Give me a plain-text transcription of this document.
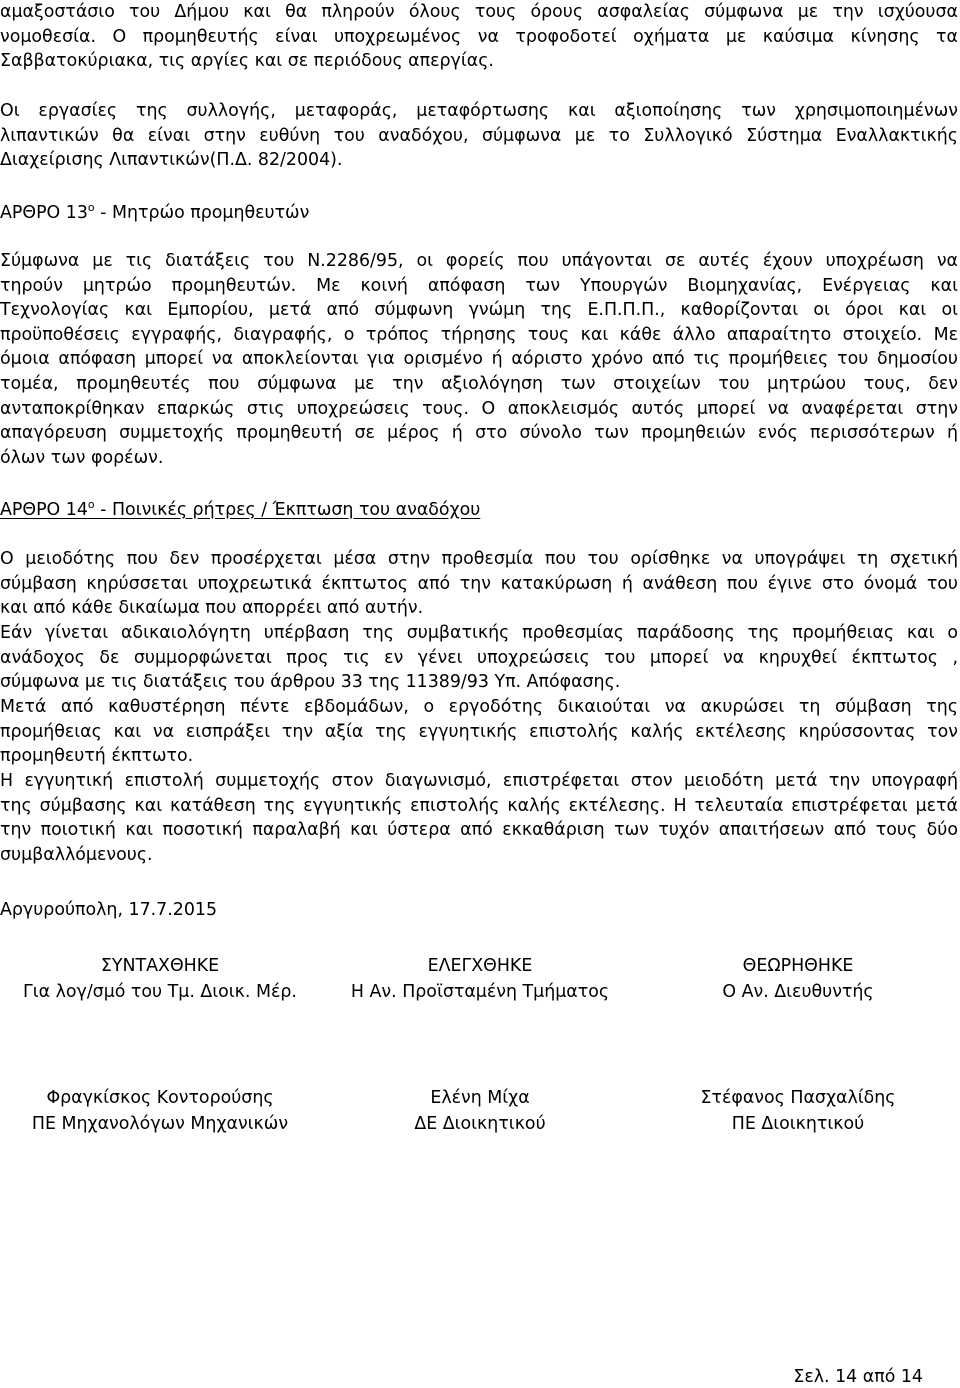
αμαξοστάσιο του Δήμου και θα πληρούν όλους τους όρους ασφαλείας σύμφωνα με την ισχύουσα
νομοθεσία. Ο προμηθευτής είναι υποχρεωμένος να τροφοδοτεί οχήματα με καύσιμα κίνησης τα
Σαββατοκύριακα, τις αργίες και σε περιόδους απεργίας.
Οι εργασίες της συλλογής, μεταφοράς, μεταφόρτωσης και αξιοποίησης των χρησιμοποιημένων
λιπαντικών θα είναι στην ευθύνη του αναδόχου, σύμφωνα με το Συλλογικό Σύστημα Εναλλακτικής
Διαχείρισης Λιπαντικών(Π.Δ. 82/2004).
ΑΡΘΡΟ $13^o$ - Μητρώο προμηθευτών
Σύμφωνα με τις διατάξεις του Ν.2286/95, οι φορείς που υπάγονται σε αυτές έχουν υποχρέωση να
τηρούν μητρώο προμηθευτών. Με κοινή απόφαση των Υπουργών Βιομηχανίας, Ενέργειας και
Τεχνολογίας και Εμπορίου, μετά από σύμφωνη γνώμη της Ε.Π.Π.Π., καθορίζονται οι όροι και οι
προϋποθέσεις εγγραφής, διαγραφής, ο τρόπος τήρησης τους και κάθε άλλο απαραίτητο στοιχείο. Με
όμοια απόφαση μπορεί να αποκλείονται για ορισμένο ή αόριστο χρόνο από τις προμήθειες του δημοσίου
τομέα, προμηθευτές που σύμφωνα με την αξιολόγηση των στοιχείων του μητρώου τους, δεν
ανταποκρίθηκαν επαρκώς στις υποχρεώσεις τους. Ο αποκλεισμός αυτός μπορεί να αναφέρεται στην
απαγόρευση συμμετοχής προμηθευτή σε μέρος ή στο σύνολο των προμηθειών ενός περισσότερων ή
όλων των φορέων.
ΑΡΘΡΟ $14^o$ - Ποινικές ρήτρες / Έκπτωση του αναδόχου
Ο μειοδότης που δεν προσέρχεται μέσα στην προθεσμία που του ορίσθηκε να υπογράψει τη σχετική
σύμβαση κηρύσσεται υποχρεωτικά έκπτωτος από την κατακύρωση ή ανάθεση που έγινε στο όνομά του
και από κάθε δικαίωμα που απορρέει από αυτήν.
Εάν γίνεται αδικαιολόγητη υπέρβαση της συμβατικής προθεσμίας παράδοσης της προμήθειας και ο
ανάδοχος δε συμμορφώνεται προς τις εν γένει υποχρεώσεις του μπορεί να κηρυχθεί έκπτωτος ,
σύμφωνα με τις διατάξεις του άρθρου 33 της 11389/93 Υπ. Απόφασης.
Μετά από καθυστέρηση πέντε εβδομάδων, ο εργοδότης δικαιούται να ακυρώσει τη σύμβαση της
προμήθειας και να εισπράξει την αξία της εγγυητικής επιστολής καλής εκτέλεσης κηρύσσοντας τον
προμηθευτή έκπτωτο.
Η εγγυητική επιστολή συμμετοχής στον διαγωνισμό, επιστρέφεται στον μειοδότη μετά την υπογραφή
της σύμβασης και κατάθεση της εγγυητικής επιστολής καλής εκτέλεσης. Η τελευταία επιστρέφεται μετά
την ποιοτική και ποσοτική παραλαβή και ύστερα από εκκαθάριση των τυχόν απαιτήσεων από τους δύο
συμβαλλόμενους.
Αργυρούπολη, 17.7.2015
ΣΥΝΤΑΧΘΗΚΕ
Για λογ/σμό του Τμ. Διοικ. Μέρ.
Φραγκίσκος Κοντορούσης
ΠΕ Μηχανολόγων Μηχανικών
ΕΛΕΓΧΘΗΚΕ
Η Αν. Προϊσταμένη Τμήματος
Ελένη Μίχα
ΔΕ Διοικητικού
ΘΕΩΡΗΘΗΚΕ
Ο Αν. Διευθυντής
Στέφανος Πασχαλίδης
ΠΕ Διοικητικού
Σελ. 14 από 14
